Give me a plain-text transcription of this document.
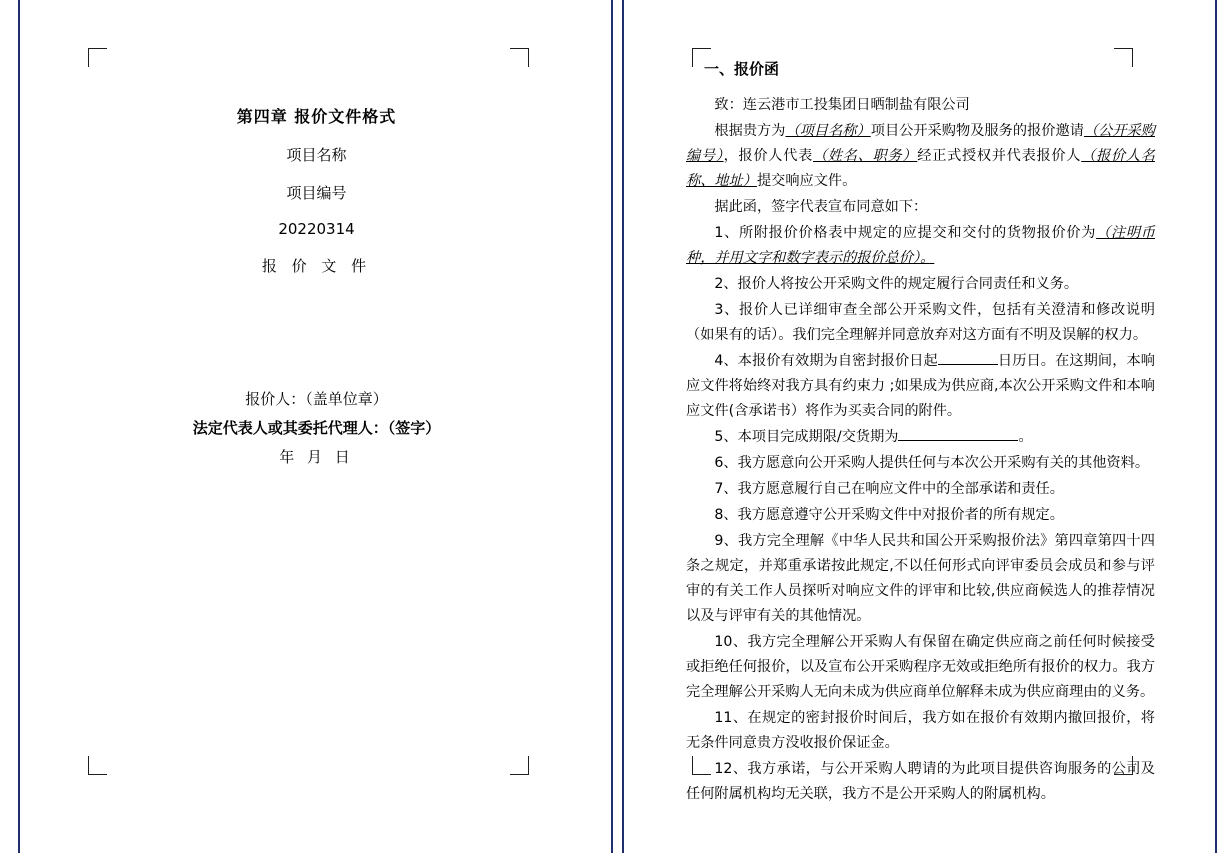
第四章 报价文件格式
项目名称
项目编号
20220314
报 价 文 件
报价人：（盖单位章）
法定代表人或其委托代理人：（签字）
年 月 日
一、报价函
致：连云港市工投集团日晒制盐有限公司
根据贵方为（项目名称）项目公开采购物及服务的报价邀请（公开采购编号），报价人代表（姓名、职务）经正式授权并代表报价人（报价人名称、地址）提交响应文件。
据此函，签字代表宣布同意如下：
1、所附报价价格表中规定的应提交和交付的货物报价价为（注明币种，并用文字和数字表示的报价总价）。
2、报价人将按公开采购文件的规定履行合同责任和义务。
3、报价人已详细审查全部公开采购文件，包括有关澄清和修改说明（如果有的话）。我们完全理解并同意放弃对这方面有不明及误解的权力。
4、本报价有效期为自密封报价日起	日历日。在这期间，本响应文件将始终对我方具有约束力 ;如果成为供应商,本次公开采购文件和本响应文件(含承诺书）将作为买卖合同的附件。
5、本项目完成期限/交货期为	。
6、我方愿意向公开采购人提供任何与本次公开采购有关的其他资料。
7、我方愿意履行自己在响应文件中的全部承诺和责任。
8、我方愿意遵守公开采购文件中对报价者的所有规定。
9、我方完全理解《中华人民共和国公开采购报价法》第四章第四十四条之规定，并郑重承诺按此规定,不以任何形式向评审委员会成员和参与评审的有关工作人员探听对响应文件的评审和比较,供应商候选人的推荐情况以及与评审有关的其他情况。
10、我方完全理解公开采购人有保留在确定供应商之前任何时候接受或拒绝任何报价，以及宣布公开采购程序无效或拒绝所有报价的权力。我方完全理解公开采购人无向未成为供应商单位解释未成为供应商理由的义务。
11、在规定的密封报价时间后，我方如在报价有效期内撤回报价，将无条件同意贵方没收报价保证金。
12、我方承诺，与公开采购人聘请的为此项目提供咨询服务的公司及任何附属机构均无关联，我方不是公开采购人的附属机构。
